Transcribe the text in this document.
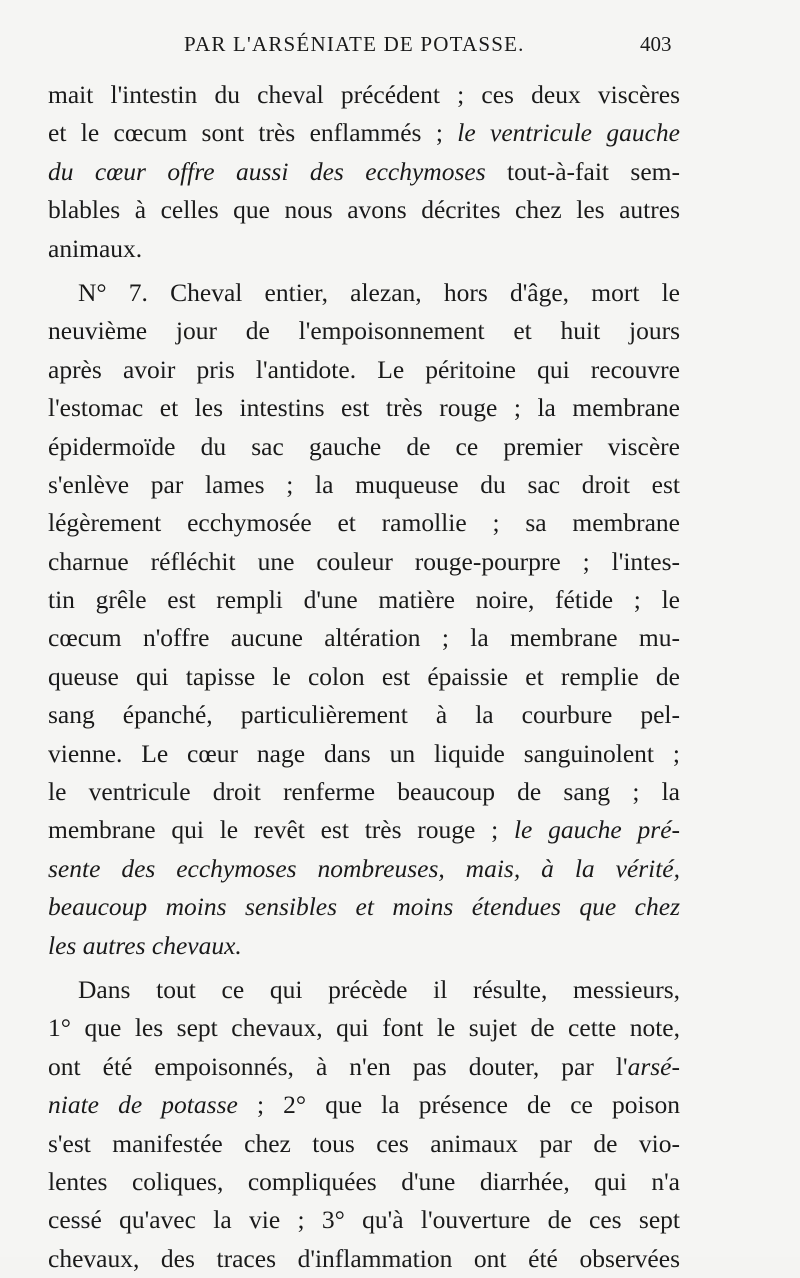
PAR L'ARSÉNIATE DE POTASSE.	403
mait l'intestin du cheval précédent ; ces deux viscères
et le cœcum sont très enflammés ; le ventricule gauche
du cœur offre aussi des ecchymoses tout-à-fait sem-
blables à celles que nous avons décrites chez les autres
animaux.
N° 7. Cheval entier, alezan, hors d'âge, mort le
neuvième jour de l'empoisonnement et huit jours
après avoir pris l'antidote. Le péritoine qui recouvre
l'estomac et les intestins est très rouge ; la membrane
épidermoïde du sac gauche de ce premier viscère
s'enlève par lames ; la muqueuse du sac droit est
légèrement ecchymosée et ramollie ; sa membrane
charnue réfléchit une couleur rouge-pourpre ; l'intes-
tin grêle est rempli d'une matière noire, fétide ; le
cœcum n'offre aucune altération ; la membrane mu-
queuse qui tapisse le colon est épaissie et remplie de
sang épanché, particulièrement à la courbure pel-
vienne. Le cœur nage dans un liquide sanguinolent ;
le ventricule droit renferme beaucoup de sang ; la
membrane qui le revêt est très rouge ; le gauche pré-
sente des ecchymoses nombreuses, mais, à la vérité,
beaucoup moins sensibles et moins étendues que chez
les autres chevaux.
Dans tout ce qui précède il résulte, messieurs,
1° que les sept chevaux, qui font le sujet de cette note,
ont été empoisonnés, à n'en pas douter, par l'arsé-
niate de potasse ; 2° que la présence de ce poison
s'est manifestée chez tous ces animaux par de vio-
lentes coliques, compliquées d'une diarrhée, qui n'a
cessé qu'avec la vie ; 3° qu'à l'ouverture de ces sept
chevaux, des traces d'inflammation ont été observées
